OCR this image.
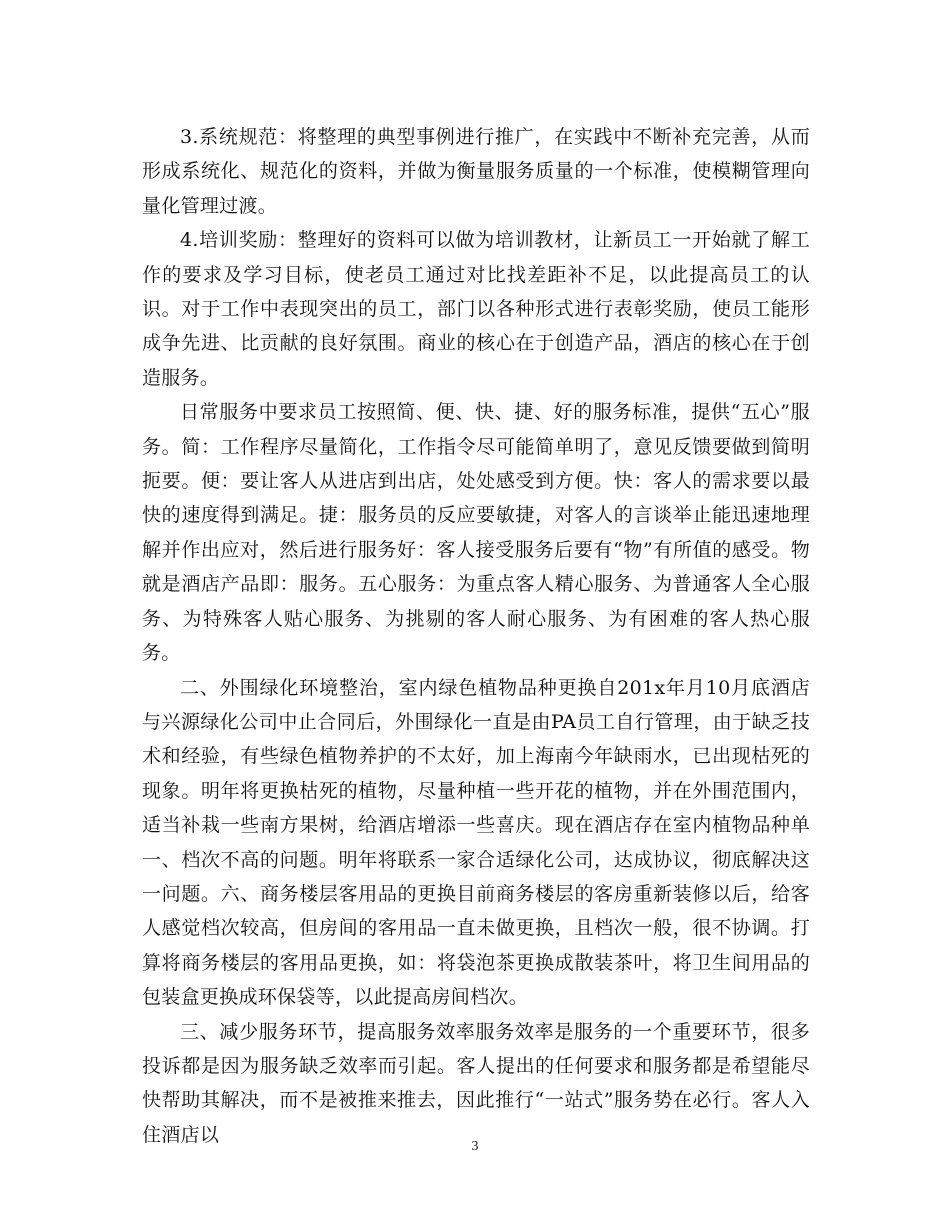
3.系统规范：将整理的典型事例进行推广，在实践中不断补充完善，从而形成系统化、规范化的资料，并做为衡量服务质量的一个标准，使模糊管理向量化管理过渡。

4.培训奖励：整理好的资料可以做为培训教材，让新员工一开始就了解工作的要求及学习目标，使老员工通过对比找差距补不足，以此提高员工的认识。对于工作中表现突出的员工，部门以各种形式进行表彰奖励，使员工能形成争先进、比贡献的良好氛围。商业的核心在于创造产品，酒店的核心在于创造服务。

日常服务中要求员工按照简、便、快、捷、好的服务标准，提供“五心”服务。简：工作程序尽量简化，工作指令尽可能简单明了，意见反馈要做到简明扼要。便：要让客人从进店到出店，处处感受到方便。快：客人的需求要以最快的速度得到满足。捷：服务员的反应要敏捷，对客人的言谈举止能迅速地理解并作出应对，然后进行服务好：客人接受服务后要有“物”有所值的感受。物就是酒店产品即：服务。五心服务：为重点客人精心服务、为普通客人全心服务、为特殊客人贴心服务、为挑剔的客人耐心服务、为有困难的客人热心服务。

二、外围绿化环境整治，室内绿色植物品种更换自201x年月10月底酒店与兴源绿化公司中止合同后，外围绿化一直是由PA员工自行管理，由于缺乏技术和经验，有些绿色植物养护的不太好，加上海南今年缺雨水，已出现枯死的现象。明年将更换枯死的植物，尽量种植一些开花的植物，并在外围范围内，适当补栽一些南方果树，给酒店增添一些喜庆。现在酒店存在室内植物品种单一、档次不高的问题。明年将联系一家合适绿化公司，达成协议，彻底解决这一问题。六、商务楼层客用品的更换目前商务楼层的客房重新装修以后，给客人感觉档次较高，但房间的客用品一直未做更换，且档次一般，很不协调。打算将商务楼层的客用品更换，如：将袋泡茶更换成散装茶叶，将卫生间用品的包装盒更换成环保袋等，以此提高房间档次。

三、减少服务环节，提高服务效率服务效率是服务的一个重要环节，很多投诉都是因为服务缺乏效率而引起。客人提出的任何要求和服务都是希望能尽快帮助其解决，而不是被推来推去，因此推行“一站式”服务势在必行。客人入住酒店以

3
